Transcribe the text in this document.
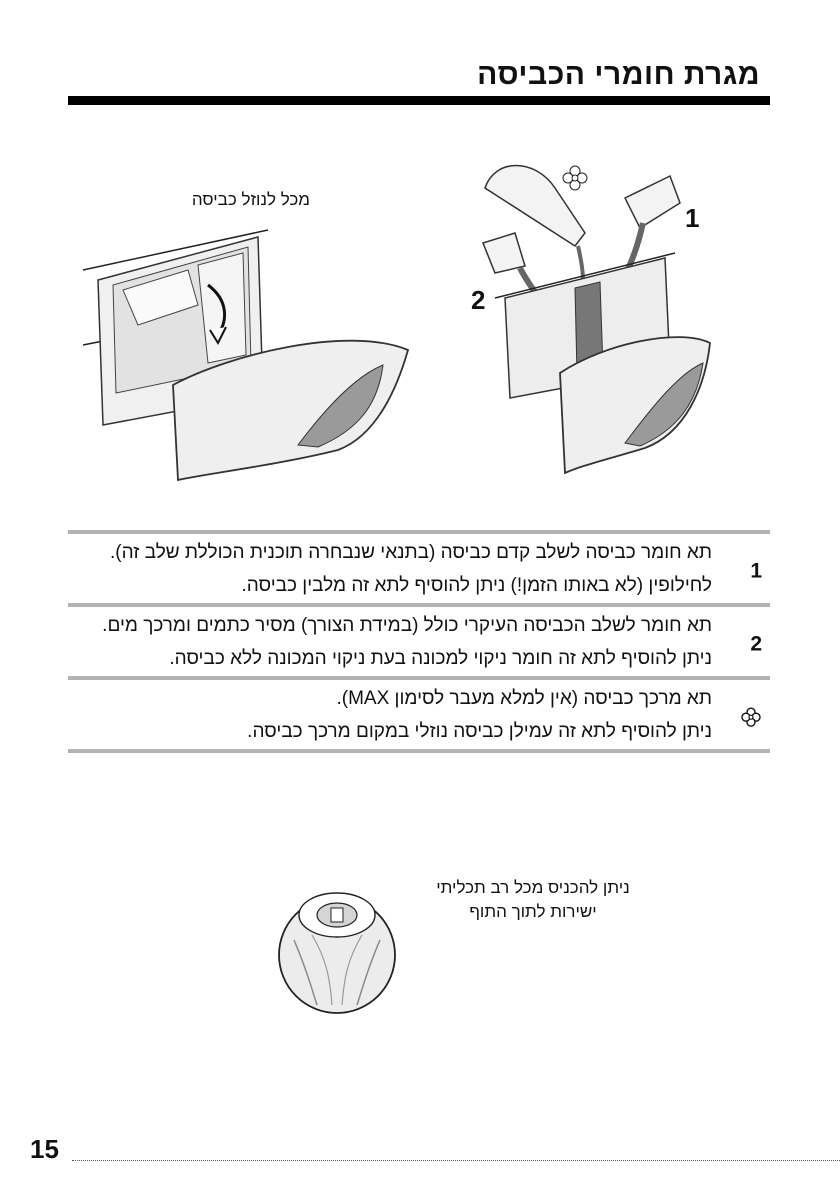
מגרת חומרי הכביסה
מכל לנוזל כביסה
1
2

תא חומר כביסה לשלב קדם כביסה (בתנאי שנבחרה תוכנית הכוללת שלב זה).

לחילופין (לא באותו הזמן!) ניתן להוסיף לתא זה מלבין כביסה.

1

תא חומר לשלב הכביסה העיקרי כולל (במידת הצורך) מסיר כתמים ומרכך מים.

ניתן להוסיף לתא זה חומר ניקוי למכונה בעת ניקוי המכונה ללא כביסה.

2

תא מרכך כביסה (אין למלא מעבר לסימון MAX).

ניתן להוסיף לתא זה עמילן כביסה נוזלי במקום מרכך כביסה.

ניתן להכניס מכל רב תכליתי ישירות לתוך התוף
15
